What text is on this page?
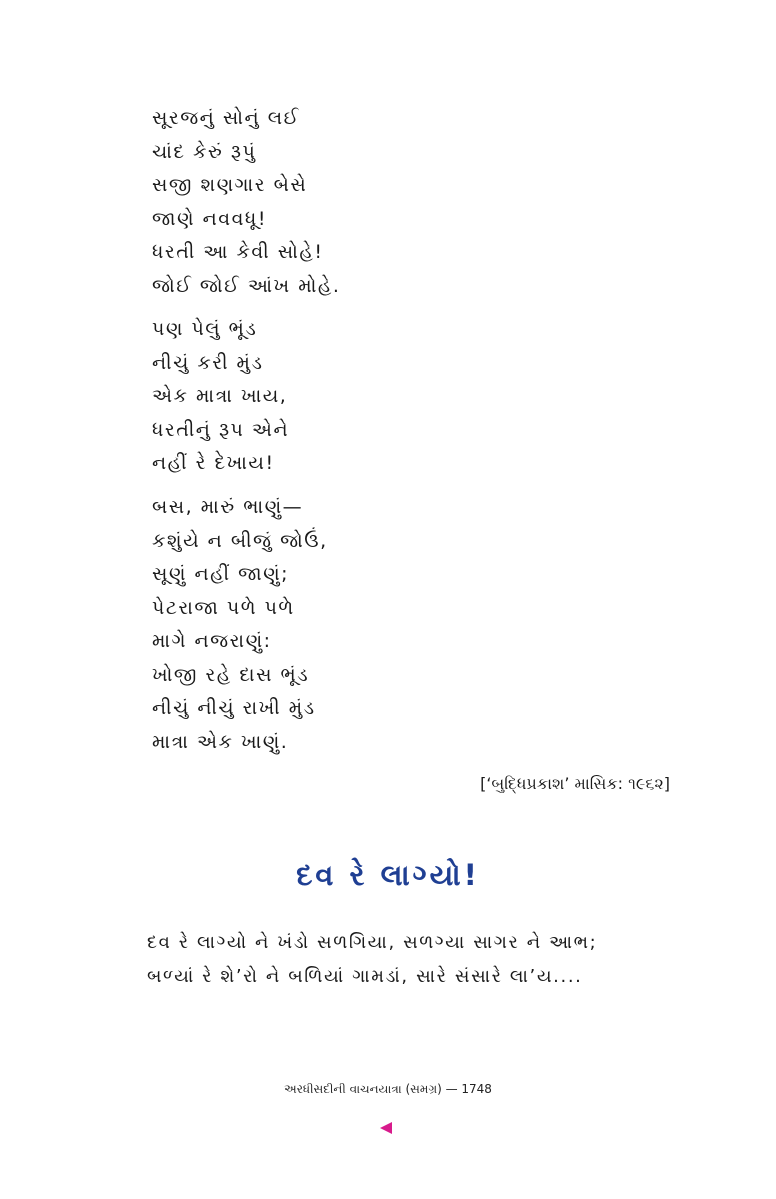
સૂરજનું સોનું લઈ
ચાંદ કેરું રૂપું
સજી શણગાર બેસે
જાણે નવવધૂ!
ધરતી આ કેવી સોહે!
જોઈ જોઈ આંખ મોહે.
પણ પેલું ભૂંડ
નીચું કરી મુંડ
એક માત્રા ખાય,
ધરતીનું રૂપ એને
નહીં રે દેખાય!
બસ, મારું ભાણું—
કશુંયે ન બીજું જોઉં,
સૂણું નહીં જાણું;
પેટરાજા પળે પળે
માગે નજરાણું:
ખોજી રહે દાસ ભૂંડ
નીચું નીચું રાખી મુંડ
માત્રા એક ખાણું.
[‘બુદ્ધિપ્રકાશ’ માસિક: ૧૯૬૨]
દવ રે લાગ્યો!
દવ રે લાગ્યો ને ખંડો સળગિયા, સળગ્યા સાગર ને આભ;
બળ્યાં રે શે’રો ને બળિયાં ગામડાં, સારે સંસારે લા’ય....
અરધીસદીની વાચનયાત્રા (સમગ્ર) — 1748
